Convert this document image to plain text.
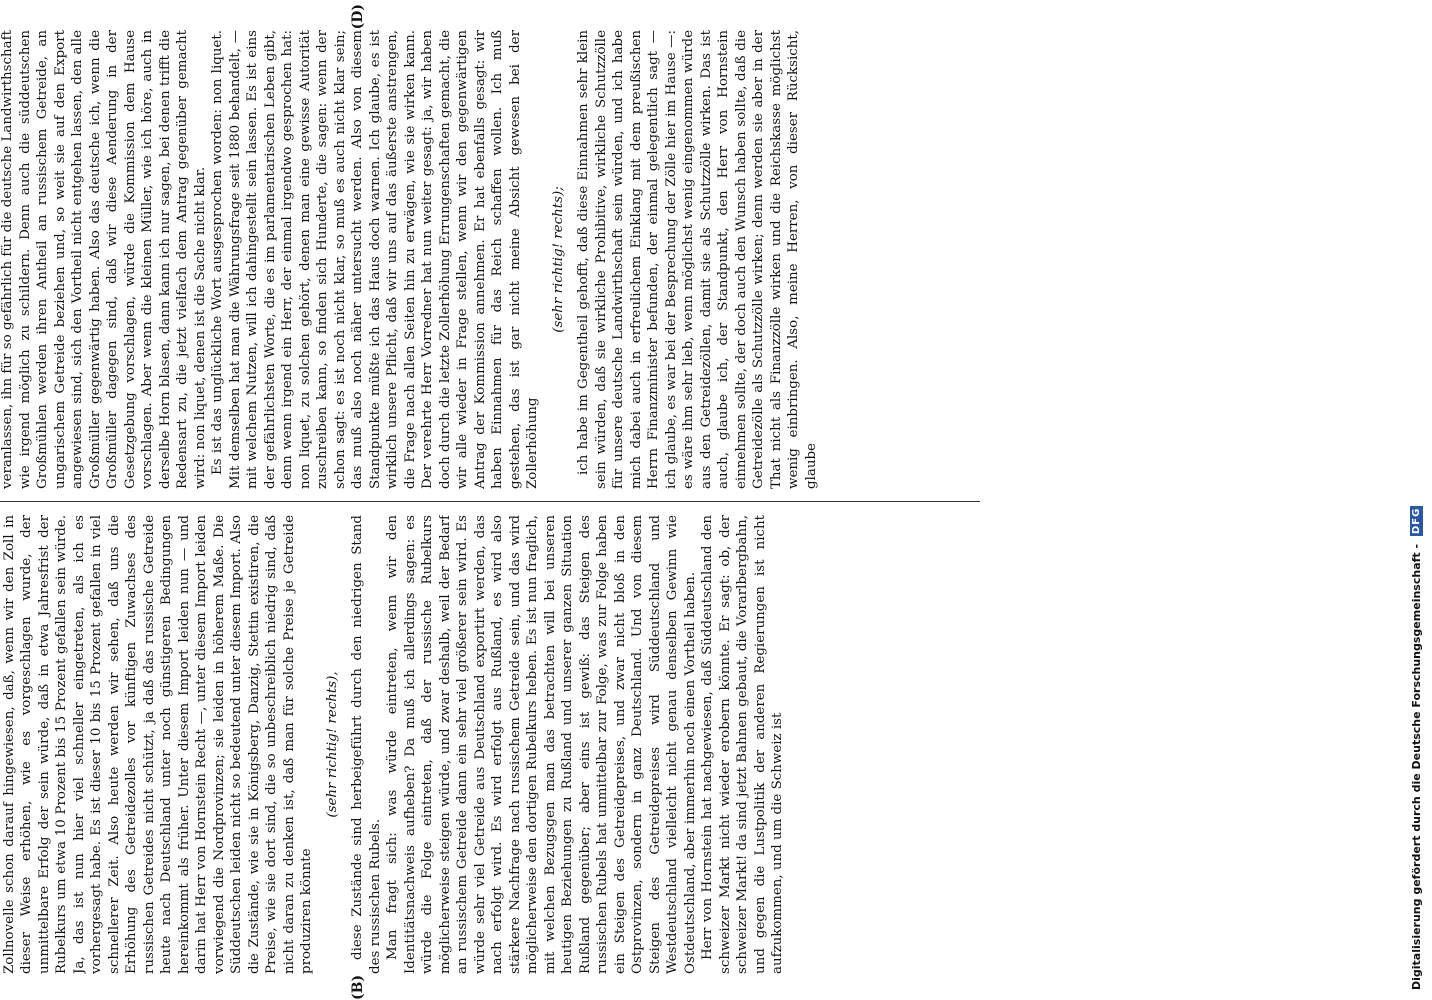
(B)
(D)

Zollnovelle schon darauf hingewiesen, daß, wenn wir den Zoll in dieser Weise erhöhen, wie es vorgeschlagen wurde, der unmittelbare Erfolg der sein würde, daß in etwa Jahresfrist der Rubelkurs um etwa 10 Prozent bis 15 Prozent gefallen sein würde. Ja, das ist nun hier viel schneller eingetreten, als ich es vorhergesagt habe. Es ist dieser 10 bis 15 Prozent gefallen in viel schnellerer Zeit. Also heute werden wir sehen, daß uns die Erhöhung des Getreidezolles vor künftigen Zuwachses des russischen Getreides nicht schützt, ja daß das russische Getreide heute nach Deutschland unter noch günstigeren Bedingungen hereinkommt als früher. Unter diesem Import leiden nun — und darin hat Herr von Hornstein Recht —, unter diesem Import leiden vorwiegend die Nordprovinzen; sie leiden in höherem Maße. Die Süddeutschen leiden nicht so bedeutend unter diesem Import. Also die Zustände, wie sie in Königsberg, Danzig, Stettin existiren, die Preise, wie sie dort sind, die so unbeschreiblich niedrig sind, daß nicht daran zu denken ist, daß man für solche Preise je Getreide produziren könnte

(sehr richtig! rechts), diese Zustände sind herbeigeführt durch den niedrigen Stand des russischen Rubels. Man fragt sich: was würde eintreten, wenn wir den Identitätsnachweis aufheben? Da muß ich allerdings sagen: es würde die Folge eintreten, daß der russische Rubelkurs möglicherweise steigen würde, und zwar deshalb, weil der Bedarf an russischem Getreide dann ein sehr viel größerer sein wird. Es würde sehr viel Getreide aus Deutschland exportirt werden, das nach erfolgt wird. Es wird erfolgt aus Rußland, es wird also stärkere Nachfrage nach russischem Getreide sein, und das wird möglicherweise den dortigen Rubelkurs heben. Es ist nun fraglich, mit welchen Bezugsgen man das betrachten will bei unseren heutigen Beziehungen zu Rußland und unserer ganzen Situation Rußland gegenüber; aber eins ist gewiß: das Steigen des russischen Rubels hat unmittelbar zur Folge, was zur Folge haben ein Steigen des Getreidepreises, und zwar nicht bloß in den Ostprovinzen, sondern in ganz Deutschland. Und von diesem Steigen des Getreidepreises wird Süddeutschland und Westdeutschland vielleicht nicht genau denselben Gewinn wie Ostdeutschland, aber immerhin noch einen Vortheil haben. Herr von Hornstein hat nachgewiesen, daß Süddeutschland den schweizer Markt nicht wieder erobern könnte. Er sagt: ob, der schweizer Markt! da sind jetzt Bahnen gebaut, die Vorarlbergbahn, und gegen die Lustpolitik der anderen Regierungen ist nicht aufzukommen, und um die Schweiz ist

veranlassen, ihn für so gefährlich für die deutsche Landwirthschaft wie irgend möglich zu schildern. Denn auch die süddeutschen Großmühlen werden ihren Antheil an russischem Getreide, an ungarischem Getreide beziehen und, so weit sie auf den Export angewiesen sind, sich den Vortheil nicht entgehen lassen, den alle Großmüller gegenwärtig haben. Also das deutsche ich, wenn die Großmüller dagegen sind, daß wir diese Aenderung in der Gesetzgebung vorschlagen, würde die Kommission dem Hause vorschlagen. Aber wenn die kleinen Müller, wie ich höre, auch in derselbe Horn blasen, dann kann ich nur sagen, bei denen trifft die Redensart zu, die jetzt vielfach dem Antrag gegenüber gemacht wird: non liquet, denen ist die Sache nicht klar. Es ist das unglückliche Wort ausgesprochen worden: non liquet. Mit demselben hat man die Währungsfrage seit 1880 behandelt, — mit welchem Nutzen, will ich dahingestellt sein lassen. Es ist eins der gefährlichsten Worte, die es im parlamentarischen Leben gibt, denn wenn irgend ein Herr, der einmal irgendwo gesprochen hat: non liquet, zu solchen gehört, denen man eine gewisse Autorität zuschreiben kann, so finden sich Hunderte, die sagen: wenn der schon sagt: es ist noch nicht klar, so muß es auch nicht klar sein; das muß also noch näher untersucht werden. Also von diesem Standpunkte müßte ich das Haus doch warnen. Ich glaube, es ist wirklich unsere Pflicht, daß wir uns auf das äußerste anstrengen, die Frage nach allen Seiten hin zu erwägen, wie sie wirken kann. Der verehrte Herr Vorredner hat nun weiter gesagt: ja, wir haben doch durch die letzte Zollerhöhung Errungenschaften gemacht, die wir alle wieder in Frage stellen, wenn wir den gegenwärtigen Antrag der Kommission annehmen. Er hat ebenfalls gesagt: wir haben Einnahmen für das Reich schaffen wollen. Ich muß gestehen, das ist gar nicht meine Absicht gewesen bei der Zollerhöhung

(sehr richtig! rechts); ich habe im Gegentheil gehofft, daß diese Einnahmen sehr klein sein würden, daß sie wirkliche Prohibitive, wirkliche Schutzzölle für unsere deutsche Landwirthschaft sein würden, und ich habe mich dabei auch in erfreulichem Einklang mit dem preußischen Herrn Finanzminister befunden, der einmal gelegentlich sagt — ich glaube, es war bei der Besprechung der Zölle hier im Hause —: es wäre ihm sehr lieb, wenn möglichst wenig eingenommen würde aus den Getreidezöllen, damit sie als Schutzzölle wirken. Das ist auch, glaube ich, der Standpunkt, den Herr von Hornstein einnehmen sollte, der doch auch den Wunsch haben sollte, daß die Getreidezölle als Schutzzölle wirken; denn werden sie aber in der That nicht als Finanzzölle wirken und die Reichskasse möglichst wenig einbringen. Also, meine Herren, von dieser Rücksicht, glaube

Digitalisierung gefördert durch die Deutsche Forschungsgemeinschaft - DFG
